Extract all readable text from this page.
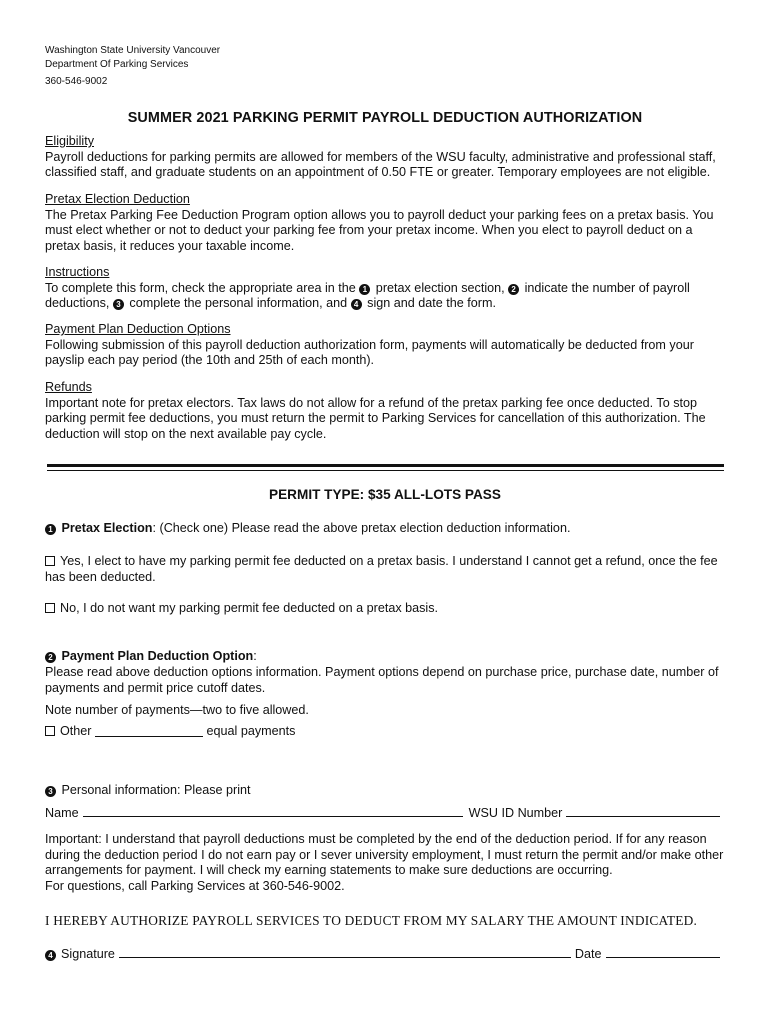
Washington State University Vancouver
Department Of Parking Services
360-546-9002
SUMMER 2021 PARKING PERMIT PAYROLL DEDUCTION AUTHORIZATION
Eligibility

Payroll deductions for parking permits are allowed for members of the WSU faculty, administrative and professional staff, classified staff, and graduate students on an appointment of 0.50 FTE or greater. Temporary employees are not eligible.

Pretax Election Deduction

The Pretax Parking Fee Deduction Program option allows you to payroll deduct your parking fees on a pretax basis. You must elect whether or not to deduct your parking fee from your pretax income. When you elect to payroll deduct on a pretax basis, it reduces your taxable income.

Instructions

To complete this form, check the appropriate area in the 1 pretax election section, 2 indicate the number of payroll deductions, 3 complete the personal information, and 4 sign and date the form.

Payment Plan Deduction Options

Following submission of this payroll deduction authorization form, payments will automatically be deducted from your payslip each pay period (the 10th and 25th of each month).

Refunds

Important note for pretax electors. Tax laws do not allow for a refund of the pretax parking fee once deducted. To stop parking permit fee deductions, you must return the permit to Parking Services for cancellation of this authorization. The deduction will stop on the next available pay cycle.

PERMIT TYPE: $35 ALL-LOTS PASS
1 Pretax Election: (Check one) Please read the above pretax election deduction information.

Yes, I elect to have my parking permit fee deducted on a pretax basis. I understand I cannot get a refund, once the fee has been deducted.

No, I do not want my parking permit fee deducted on a pretax basis.
2 Payment Plan Deduction Option:

Please read above deduction options information. Payment options depend on purchase price, purchase date, number of payments and permit price cutoff dates.

Note number of payments—two to five allowed.
Other	equal payments
3 Personal information: Please print
Name	WSU ID Number

Important: I understand that payroll deductions must be completed by the end of the deduction period. If for any reason during the deduction period I do not earn pay or I sever university employment, I must return the permit and/or make other arrangements for payment. I will check my earning statements to make sure deductions are occurring.

For questions, call Parking Services at 360-546-9002.

I HEREBY AUTHORIZE PAYROLL SERVICES TO DEDUCT FROM MY SALARY THE AMOUNT INDICATED.
4 Signature	Date
